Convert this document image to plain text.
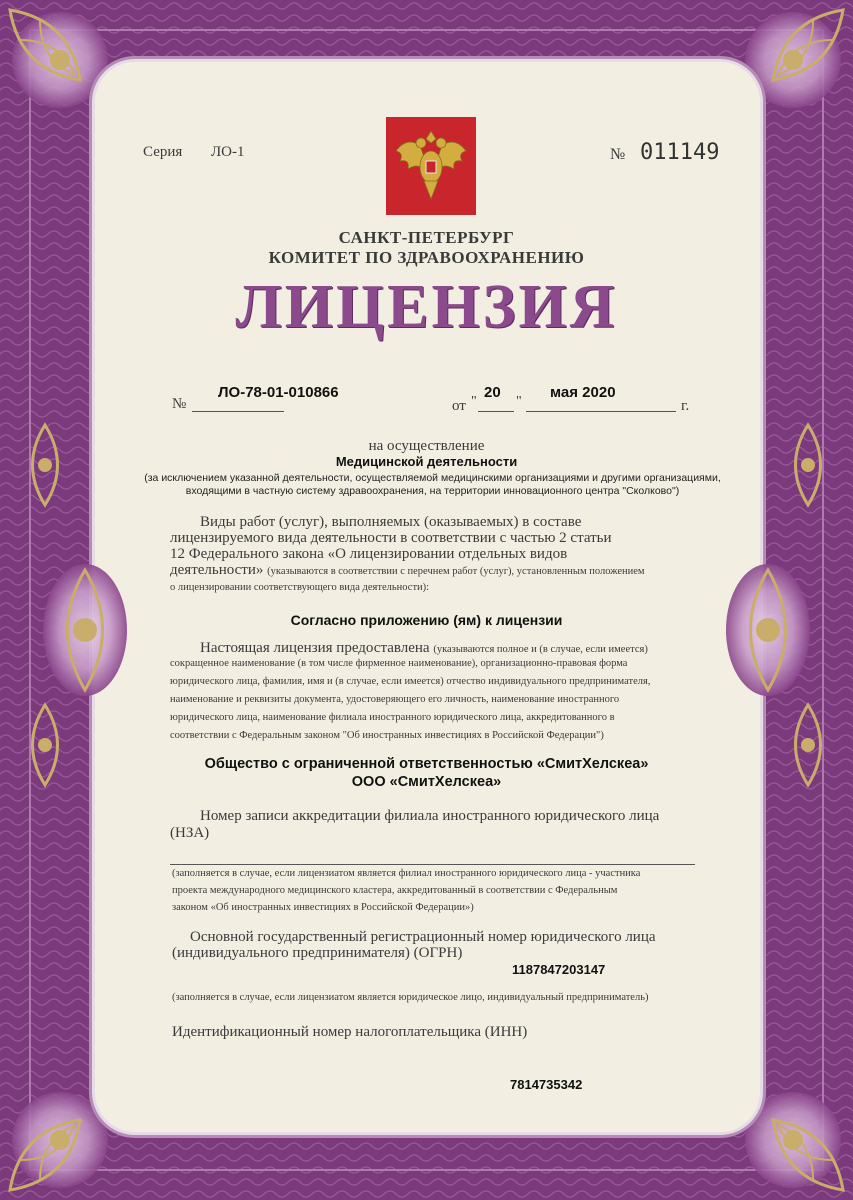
Серия ЛО-1	№ 011149
САНКТ-ПЕТЕРБУРГ
КОМИТЕТ ПО ЗДРАВООХРАНЕНИЮ
ЛИЦЕНЗИЯ
№
ЛО-78-01-010866
от "
20
"
мая 2020
г.
на осуществление
Медицинской деятельности
(за исключением указанной деятельности, осуществляемой медицинскими организациями и другими организациями, входящими в частную систему здравоохранения, на территории инновационного центра "Сколково")
Виды работ (услуг), выполняемых (оказываемых) в составе
лицензируемого вида деятельности в соответствии с частью 2 статьи
12 Федерального закона «О лицензировании отдельных видов
деятельности» (указываются в соответствии с перечнем работ (услуг), установленным положением
о лицензировании соответствующего вида деятельности):
Согласно приложению (ям) к лицензии
Настоящая лицензия предоставлена (указываются полное и (в случае, если имеется)
сокращенное наименование (в том числе фирменное наименование), организационно-правовая форма
юридического лица, фамилия, имя и (в случае, если имеется) отчество индивидуального предпринимателя,
наименование и реквизиты документа, удостоверяющего его личность, наименование иностранного
юридического лица, наименование филиала иностранного юридического лица, аккредитованного в
соответствии с Федеральным законом "Об иностранных инвестициях в Российской Федерации")
Общество с ограниченной ответственностью «СмитХелскеа»
ООО «СмитХелскеа»
Номер записи аккредитации филиала иностранного юридического лица
(НЗА)
(заполняется в случае, если лицензиатом является филиал иностранного юридического лица - участника
проекта международного медицинского кластера, аккредитованный в соответствии с Федеральным
законом «Об иностранных инвестициях в Российской Федерации»)
Основной государственный регистрационный номер юридического лица
(индивидуального предпринимателя) (ОГРН)
1187847203147
(заполняется в случае, если лицензиатом является юридическое лицо, индивидуальный предприниматель)
Идентификационный номер налогоплательщика (ИНН)
7814735342
